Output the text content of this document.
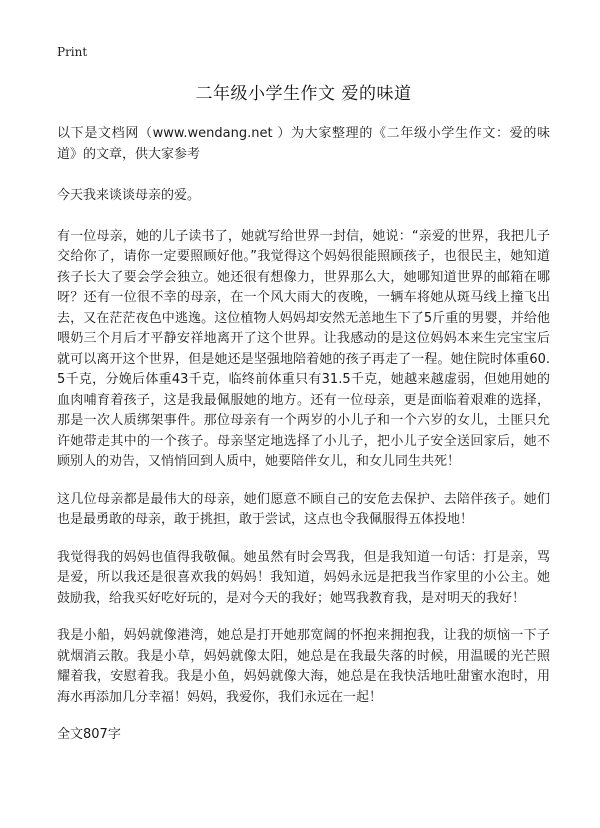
Print
二年级小学生作文 爱的味道

以下是文档网（www.wendang.net ）为大家整理的《二年级小学生作文：爱的味道》的文章，供大家参考

今天我来谈谈母亲的爱。

有一位母亲，她的儿子读书了，她就写给世界一封信，她说：“亲爱的世界，我把儿子交给你了，请你一定要照顾好他。”我觉得这个妈妈很能照顾孩子，也很民主，她知道孩子长大了要会学会独立。她还很有想像力，世界那么大，她哪知道世界的邮箱在哪呀？还有一位很不幸的母亲，在一个风大雨大的夜晚，一辆车将她从斑马线上撞飞出去，又在茫茫夜色中逃逸。这位植物人妈妈却安然无恙地生下了5斤重的男婴，并给他喂奶三个月后才平静安祥地离开了这个世界。让我感动的是这位妈妈本来生完宝宝后就可以离开这个世界，但是她还是坚强地陪着她的孩子再走了一程。她住院时体重60.5千克，分娩后体重43千克，临终前体重只有31.5千克，她越来越虚弱，但她用她的血肉哺育着孩子，这是我最佩服她的地方。还有一位母亲，更是面临着艰难的选择，那是一次人质绑架事件。那位母亲有一个两岁的小儿子和一个六岁的女儿，土匪只允许她带走其中的一个孩子。母亲坚定地选择了小儿子，把小儿子安全送回家后，她不顾别人的劝告，又悄悄回到人质中，她要陪伴女儿，和女儿同生共死！

这几位母亲都是最伟大的母亲，她们愿意不顾自己的安危去保护、去陪伴孩子。她们也是最勇敢的母亲，敢于挑担，敢于尝试，这点也令我佩服得五体投地！

我觉得我的妈妈也值得我敬佩。她虽然有时会骂我，但是我知道一句话：打是亲，骂是爱，所以我还是很喜欢我的妈妈！我知道，妈妈永远是把我当作家里的小公主。她鼓励我，给我买好吃好玩的，是对今天的我好；她骂我教育我，是对明天的我好！

我是小船，妈妈就像港湾，她总是打开她那宽阔的怀抱来拥抱我，让我的烦恼一下子就烟消云散。我是小草，妈妈就像太阳，她总是在我最失落的时候，用温暖的光芒照耀着我，安慰着我。我是小鱼，妈妈就像大海，她总是在我快活地吐甜蜜水泡时，用海水再添加几分幸福！妈妈，我爱你，我们永远在一起！

全文807字
